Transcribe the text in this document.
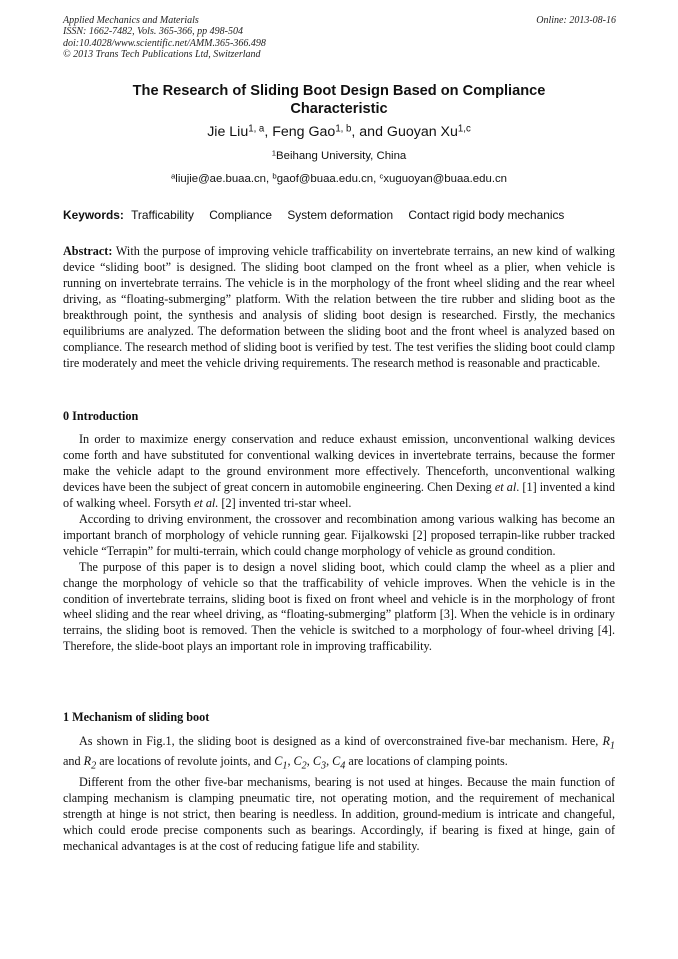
Applied Mechanics and Materials
ISSN: 1662-7482, Vols. 365-366, pp 498-504
doi:10.4028/www.scientific.net/AMM.365-366.498
© 2013 Trans Tech Publications Ltd, Switzerland
Online: 2013-08-16
The Research of Sliding Boot Design Based on Compliance
Characteristic
Jie Liu$^{1, a}$, Feng Gao$^{1, b}$, and Guoyan Xu$^{1,c}$
$^1$Beihang University, China
$^a$liujie@ae.buaa.cn, $^b$gaof@buaa.edu.cn, $^c$xuguoyan@buaa.edu.cn
Keywords: Trafficability Compliance System deformation Contact rigid body mechanics
Abstract: With the purpose of improving vehicle trafficability on invertebrate terrains, an new kind of walking device “sliding boot” is designed. The sliding boot clamped on the front wheel as a plier, when vehicle is running on invertebrate terrains. The vehicle is in the morphology of the front wheel sliding and the rear wheel driving, as “floating-submerging” platform. With the relation between the tire rubber and sliding boot as the breakthrough point, the synthesis and analysis of sliding boot design is researched. Firstly, the mechanics equilibriums are analyzed. The deformation between the sliding boot and the front wheel is analyzed based on compliance. The research method of sliding boot is verified by test. The test verifies the sliding boot could clamp tire moderately and meet the vehicle driving requirements. The research method is reasonable and practicable.
0 Introduction

In order to maximize energy conservation and reduce exhaust emission, unconventional walking devices come forth and have substituted for conventional walking devices in invertebrate terrains, because the former make the vehicle adapt to the ground environment more effectively. Thenceforth, unconventional walking devices have been the subject of great concern in automobile engineering. Chen Dexing et al. [1] invented a kind of walking wheel. Forsyth et al. [2] invented tri-star wheel.

According to driving environment, the crossover and recombination among various walking has become an important branch of morphology of vehicle running gear. Fijalkowski [2] proposed terrapin-like rubber tracked vehicle “Terrapin” for multi-terrain, which could change morphology of vehicle as ground condition.

The purpose of this paper is to design a novel sliding boot, which could clamp the wheel as a plier and change the morphology of vehicle so that the trafficability of vehicle improves. When the vehicle is in the condition of invertebrate terrains, sliding boot is fixed on front wheel and vehicle is in the morphology of front wheel sliding and the rear wheel driving, as “floating-submerging” platform [3]. When the vehicle is in ordinary terrains, the sliding boot is removed. Then the vehicle is switched to a morphology of four-wheel driving [4]. Therefore, the slide-boot plays an important role in improving trafficability.

1 Mechanism of sliding boot

As shown in Fig.1, the sliding boot is designed as a kind of overconstrained five-bar mechanism. Here, $R_1$ and $R_2$ are locations of revolute joints, and $C_1$, $C_2$, $C_3$, $C_4$ are locations of clamping points.

Different from the other five-bar mechanisms, bearing is not used at hinges. Because the main function of clamping mechanism is clamping pneumatic tire, not operating motion, and the requirement of mechanical strength at hinge is not strict, then bearing is needless. In addition, ground-medium is intricate and changeful, which could erode precise components such as bearings. Accordingly, if bearing is fixed at hinge, gain of mechanical advantages is at the cost of reducing fatigue life and stability.
